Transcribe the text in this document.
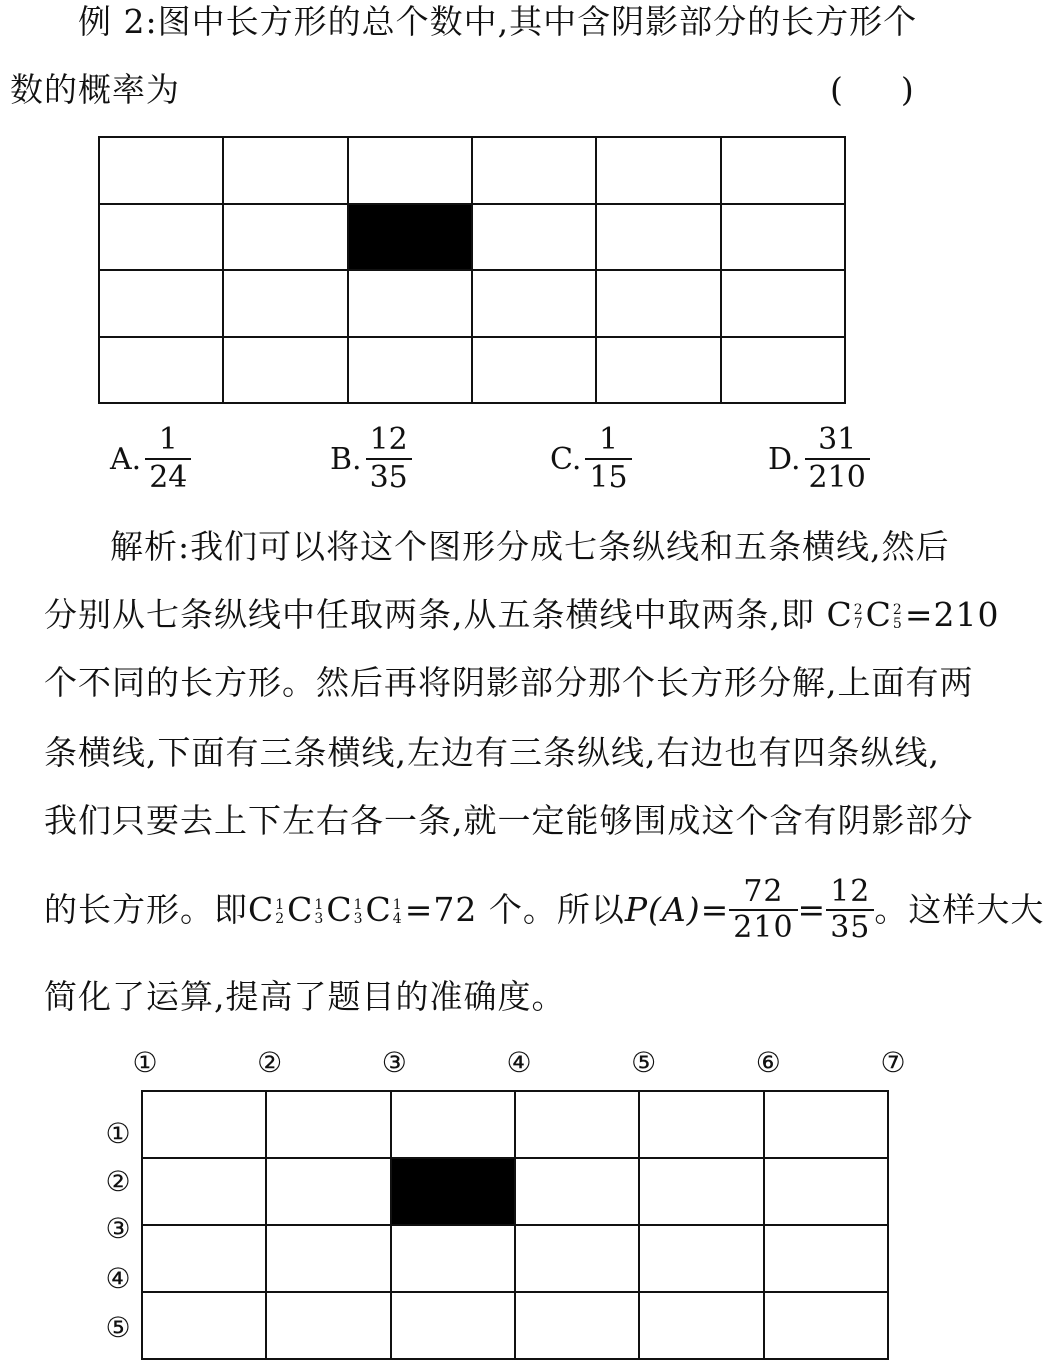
例 2:图中长方形的总个数中,其中含阴影部分的长方形个
数的概率为	( )
A. $\frac{1}{24}$	B. $\frac{12}{35}$	C. $\frac{1}{15}$	D. $\frac{31}{210}$
解析:我们可以将这个图形分成七条纵线和五条横线,然后
分别从七条纵线中任取两条,从五条横线中取两条,即 C 2
7 C 2
5 =210
个不同的长方形。然后再将阴影部分那个长方形分解,上面有两
条横线,下面有三条横线,左边有三条纵线,右边也有四条纵线,
我们只要去上下左右各一条,就一定能够围成这个含有阴影部分
的长方形。即 C 1
2 C 1
3 C 1
3 C 1
4 =72 个。所以 $P(A) = \frac{72}{210} = \frac{12}{35}$ 。这样大大
简化了运算,提高了题目的准确度。
①	②	③	④	⑤	⑥	⑦
①
②
③
④
⑤
